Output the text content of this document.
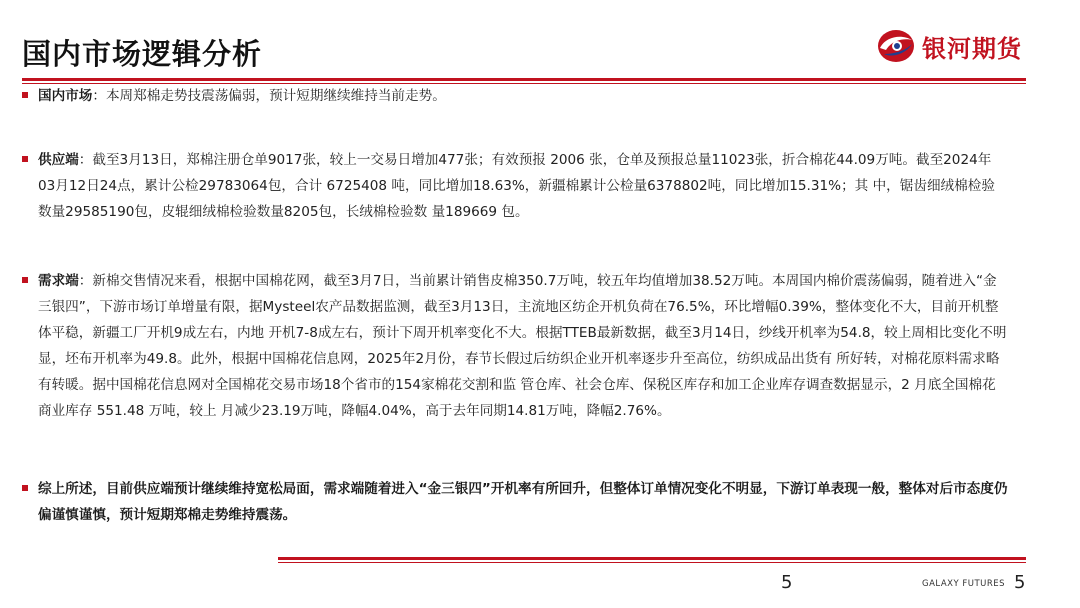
国内市场逻辑分析	银河期货
国内市场：本周郑棉走势技震荡偏弱，预计短期继续维持当前走势。
供应端：截至3月13日，郑棉注册仓单9017张，较上一交易日增加477张；有效预报 2006 张，仓单及预报总量11023张，折合棉花44.09万吨。截至2024年03月12日24点，累计公检29783064包，合计 6725408 吨，同比增加18.63%，新疆棉累计公检量6378802吨，同比增加15.31%；其 中，锯齿细绒棉检验数量29585190包，皮辊细绒棉检验数量8205包，长绒棉检验数 量189669 包。
需求端：新棉交售情况来看，根据中国棉花网，截至3月7日，当前累计销售皮棉350.7万吨，较五年均值增加38.52万吨。本周国内棉价震荡偏弱，随着进入“金三银四”，下游市场订单增量有限，据Mysteel农产品数据监测，截至3月13日，主流地区纺企开机负荷在76.5%，环比增幅0.39%，整体变化不大，目前开机整体平稳，新疆工厂开机9成左右，内地 开机7-8成左右，预计下周开机率变化不大。根据TTEB最新数据，截至3月14日，纱线开机率为54.8，较上周相比变化不明显，坯布开机率为49.8。此外，根据中国棉花信息网，2025年2月份，春节长假过后纺织企业开机率逐步升至高位，纺织成品出货有 所好转，对棉花原料需求略有转暖。据中国棉花信息网对全国棉花交易市场18个省市的154家棉花交割和监 管仓库、社会仓库、保税区库存和加工企业库存调查数据显示，2 月底全国棉花商业库存 551.48 万吨，较上 月减少23.19万吨，降幅4.04%，高于去年同期14.81万吨，降幅2.76%。
综上所述，目前供应端预计继续维持宽松局面，需求端随着进入“金三银四”开机率有所回升，但整体订单情况变化不明显，下游订单表现一般，整体对后市态度仍偏谨慎谨慎，预计短期郑棉走势维持震荡。
5	GALAXY FUTURES 5
